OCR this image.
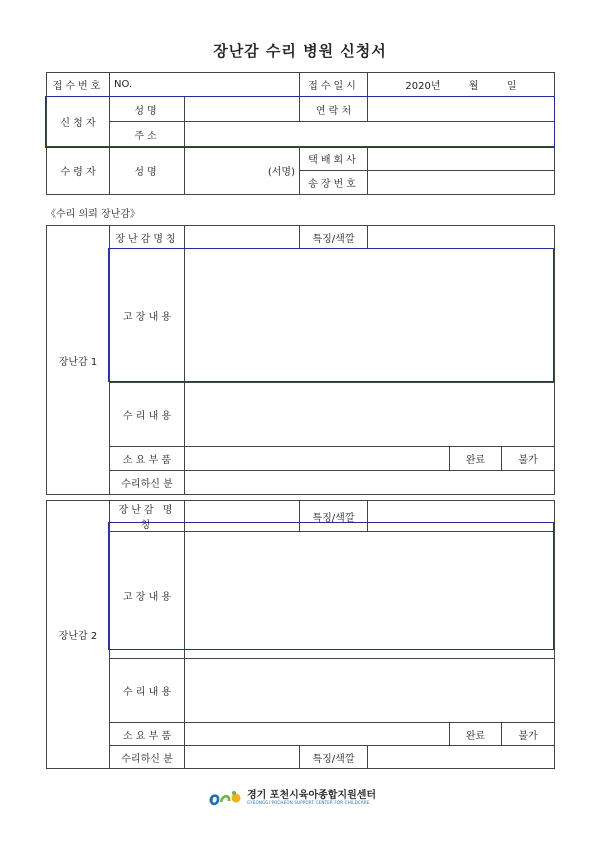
장난감 수리 병원 신청서
접수번호	NO.		접수일시	2020년 월 일
신 청 자	성명		연 락 처	
	주소			
수 령 자	성명	(서명)	택배회사	
			송장번호	
《수리 의뢰 장난감》
장난감 1	장난감명칭		특징/색깔			
	고 장 내 용					
	수 리 내 용					
	소 요 부 품				완료	불가
	수리하신 분					
장난감 2	장난감 명칭		특징/색깔			
	고 장 내 용					
	수 리 내 용					
	소 요 부 품				완료	불가
	수리하신 분		특징/색깔			
경기 포천시육아종합지원센터
GYEONGGI POCHEON SUPPORT CENTER FOR CHILDCARE
